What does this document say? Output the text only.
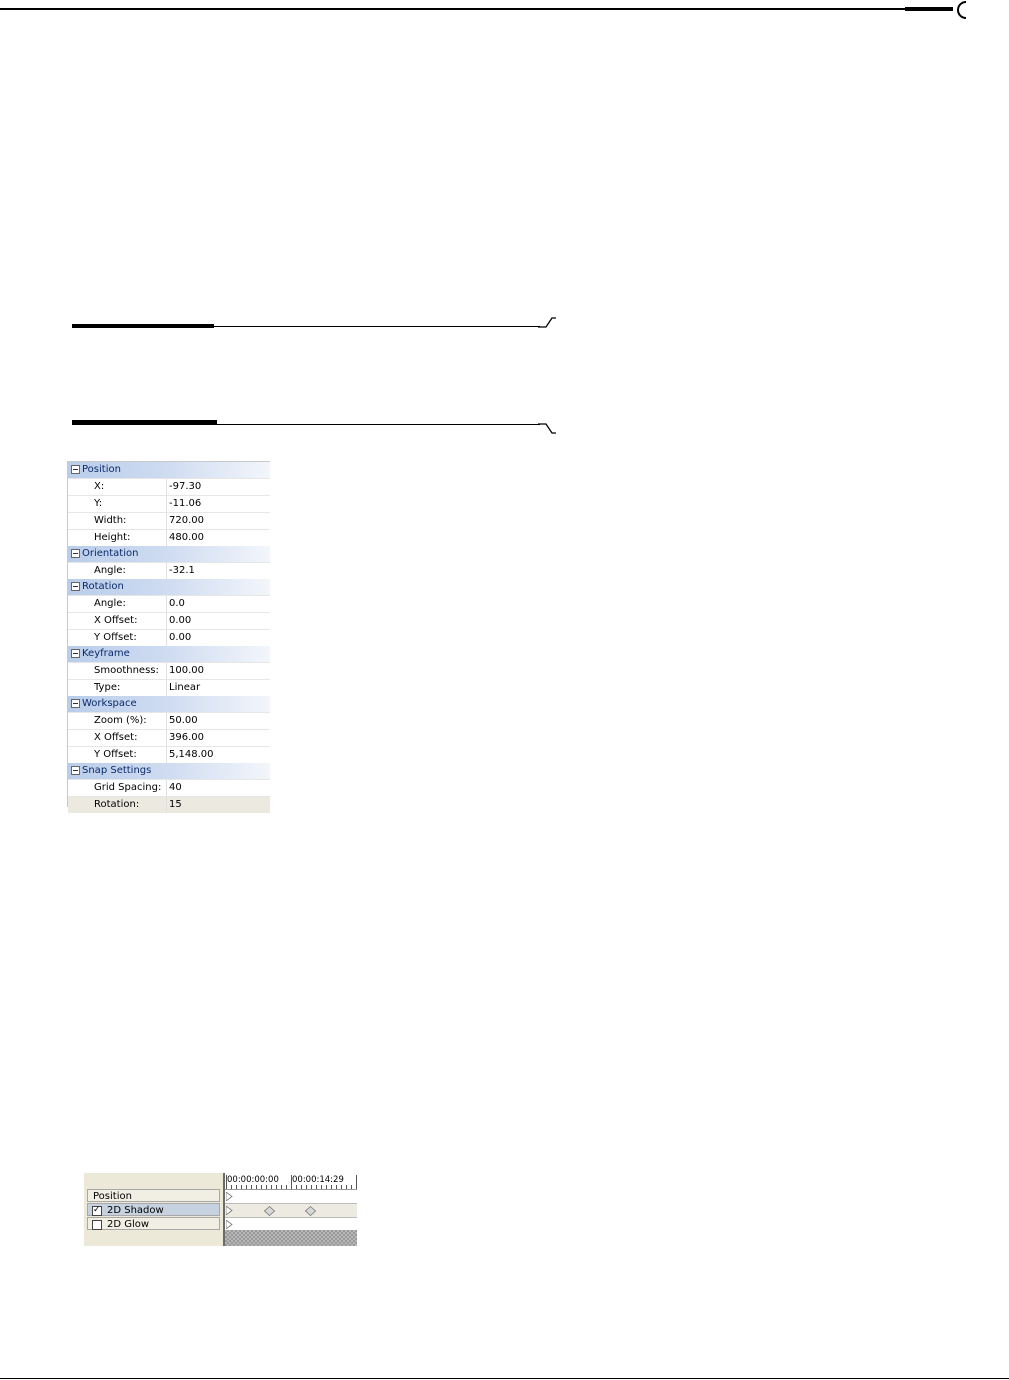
Position
X:	-97.30
Y:	-11.06
Width:	720.00
Height:	480.00
Orientation
Angle:	-32.1
Rotation
Angle:	0.0
X Offset:	0.00
Y Offset:	0.00
Keyframe
Smoothness:	100.00
Type:	Linear
Workspace
Zoom (%):	50.00
X Offset:	396.00
Y Offset:	5,148.00
Snap Settings
Grid Spacing: 40
Rotation:	15
Position
✓ 2D Shadow
2D Glow
00:00:00:00 00:00:14:29
